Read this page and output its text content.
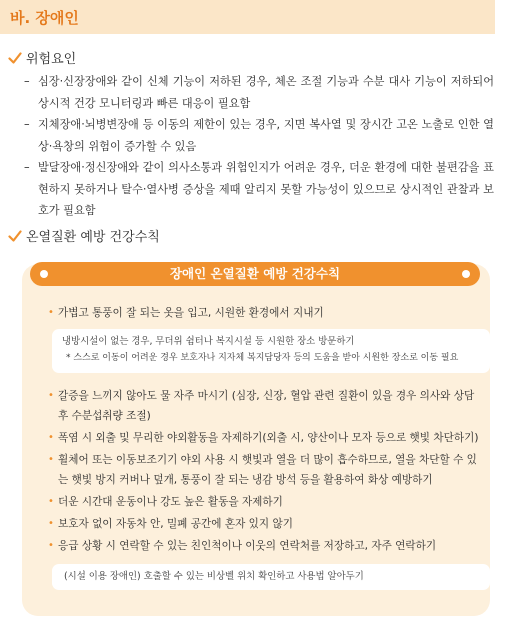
바. 장애인
위험요인
– 심장·신장장애와 같이 신체 기능이 저하된 경우, 체온 조절 기능과 수분 대사 기능이 저하되어 상시적 건강 모니터링과 빠른 대응이 필요함
– 지체장애·뇌병변장애 등 이동의 제한이 있는 경우, 지면 복사열 및 장시간 고온 노출로 인한 열상·욕창의 위험이 증가할 수 있음
– 발달장애·정신장애와 같이 의사소통과 위험인지가 어려운 경우, 더운 환경에 대한 불편감을 표현하지 못하거나 탈수·열사병 증상을 제때 알리지 못할 가능성이 있으므로 상시적인 관찰과 보호가 필요함
온열질환 예방 건강수칙
장애인 온열질환 예방 건강수칙
• 가볍고 통풍이 잘 되는 옷을 입고, 시원한 환경에서 지내기
냉방시설이 없는 경우, 무더위 쉼터나 복지시설 등 시원한 장소 방문하기
* 스스로 이동이 어려운 경우 보호자나 지자체 복지담당자 등의 도움을 받아 시원한 장소로 이동 필요
• 갈증을 느끼지 않아도 물 자주 마시기 (심장, 신장, 혈압 관련 질환이 있을 경우 의사와 상담 후 수분섭취량 조절)
• 폭염 시 외출 및 무리한 야외활동을 자제하기(외출 시, 양산이나 모자 등으로 햇빛 차단하기)
• 휠체어 또는 이동보조기기 야외 사용 시 햇빛과 열을 더 많이 흡수하므로, 열을 차단할 수 있는 햇빛 방지 커버나 덮개, 통풍이 잘 되는 냉감 방석 등을 활용하여 화상 예방하기
• 더운 시간대 운동이나 강도 높은 활동을 자제하기
• 보호자 없이 자동차 안, 밀폐 공간에 혼자 있지 않기
• 응급 상황 시 연락할 수 있는 친인척이나 이웃의 연락처를 저장하고, 자주 연락하기
(시설 이용 장애인) 호출할 수 있는 비상벨 위치 확인하고 사용법 알아두기
